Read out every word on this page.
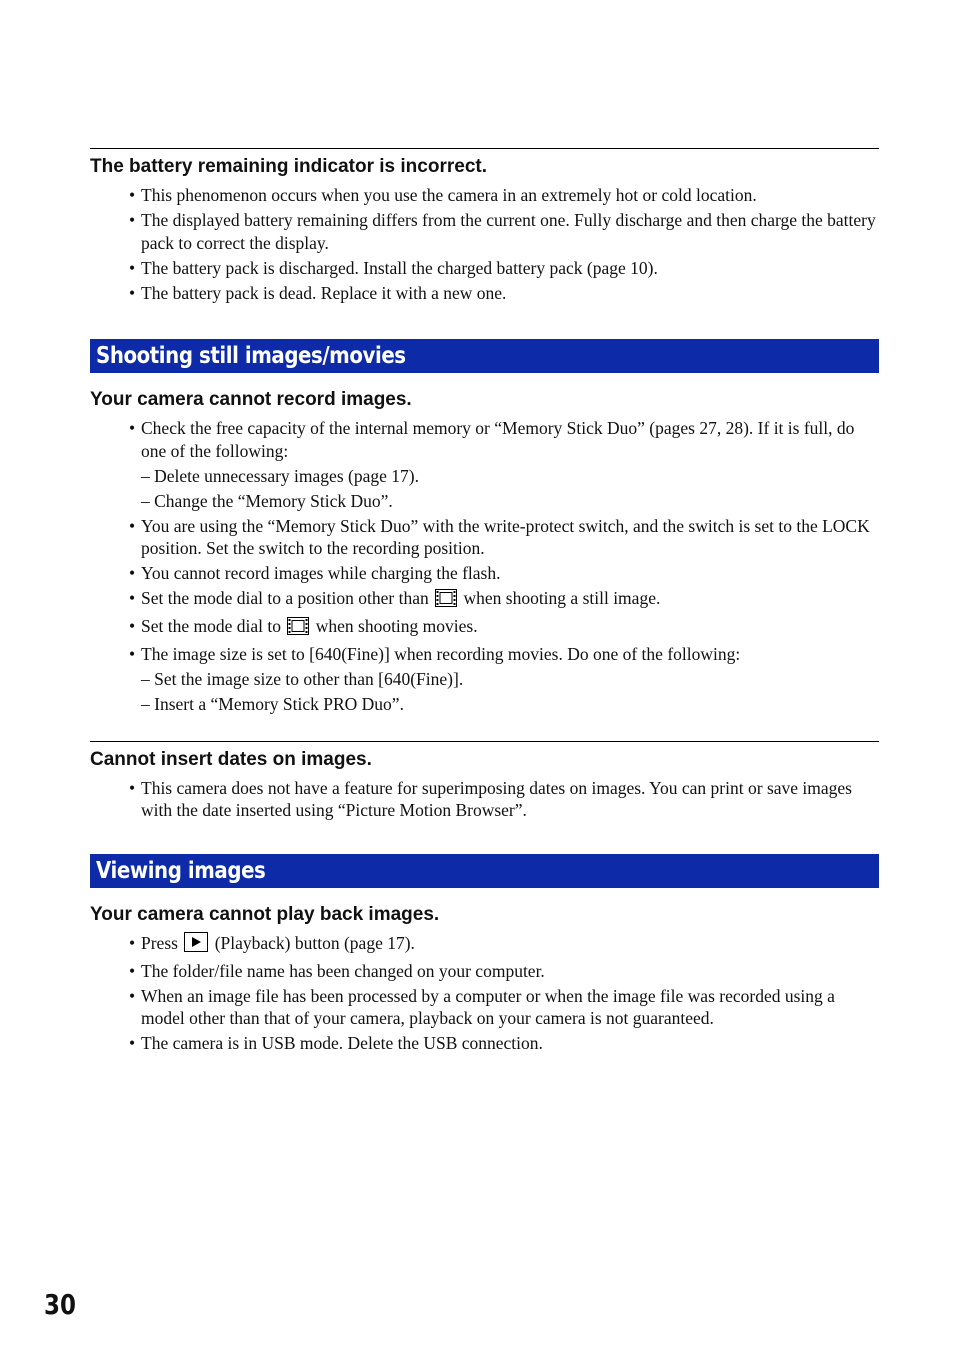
The battery remaining indicator is incorrect.
• This phenomenon occurs when you use the camera in an extremely hot or cold location.
• The displayed battery remaining differs from the current one. Fully discharge and then charge the battery pack to correct the display.
• The battery pack is discharged. Install the charged battery pack (page 10).
• The battery pack is dead. Replace it with a new one.
Shooting still images/movies
Your camera cannot record images.
• Check the free capacity of the internal memory or “Memory Stick Duo” (pages 27, 28). If it is full, do one of the following:
– Delete unnecessary images (page 17).
– Change the “Memory Stick Duo”.
• You are using the “Memory Stick Duo” with the write-protect switch, and the switch is set to the LOCK position. Set the switch to the recording position.
• You cannot record images while charging the flash.
• Set the mode dial to a position other than when shooting a still image.
• Set the mode dial to when shooting movies.
• The image size is set to [640(Fine)] when recording movies. Do one of the following:
– Set the image size to other than [640(Fine)].
– Insert a “Memory Stick PRO Duo”.
Cannot insert dates on images.
• This camera does not have a feature for superimposing dates on images. You can print or save images with the date inserted using “Picture Motion Browser”.
Viewing images
Your camera cannot play back images.
• Press (Playback) button (page 17).
• The folder/file name has been changed on your computer.
• When an image file has been processed by a computer or when the image file was recorded using a model other than that of your camera, playback on your camera is not guaranteed.
• The camera is in USB mode. Delete the USB connection.
30
